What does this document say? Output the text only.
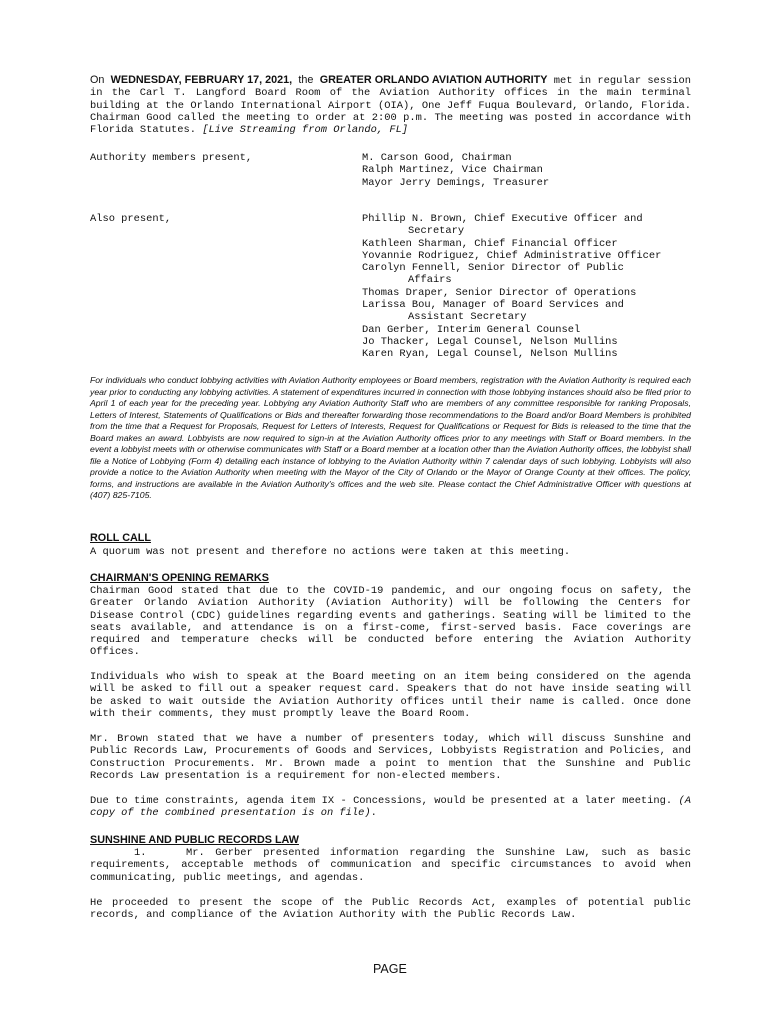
On WEDNESDAY, FEBRUARY 17, 2021, the GREATER ORLANDO AVIATION AUTHORITY met in regular session in the Carl T. Langford Board Room of the Aviation Authority offices in the main terminal building at the Orlando International Airport (OIA), One Jeff Fuqua Boulevard, Orlando, Florida. Chairman Good called the meeting to order at 2:00 p.m. The meeting was posted in accordance with Florida Statutes. [Live Streaming from Orlando, FL]
Authority members present,	M. Carson Good, Chairman
Ralph Martinez, Vice Chairman
Mayor Jerry Demings, Treasurer
Also present,	Phillip N. Brown, Chief Executive Officer and
Secretary
Kathleen Sharman, Chief Financial Officer
Yovannie Rodriguez, Chief Administrative Officer
Carolyn Fennell, Senior Director of Public
Affairs
Thomas Draper, Senior Director of Operations
Larissa Bou, Manager of Board Services and
Assistant Secretary
Dan Gerber, Interim General Counsel
Jo Thacker, Legal Counsel, Nelson Mullins
Karen Ryan, Legal Counsel, Nelson Mullins
For individuals who conduct lobbying activities with Aviation Authority employees or Board members, registration with the Aviation Authority is required each year prior to conducting any lobbying activities. A statement of expenditures incurred in connection with those lobbying instances should also be filed prior to April 1 of each year for the preceding year. Lobbying any Aviation Authority Staff who are members of any committee responsible for ranking Proposals, Letters of Interest, Statements of Qualifications or Bids and thereafter forwarding those recommendations to the Board and/or Board Members is prohibited from the time that a Request for Proposals, Request for Letters of Interests, Request for Qualifications or Request for Bids is released to the time that the Board makes an award. Lobbyists are now required to sign-in at the Aviation Authority offices prior to any meetings with Staff or Board members. In the event a lobbyist meets with or otherwise communicates with Staff or a Board member at a location other than the Aviation Authority offices, the lobbyist shall file a Notice of Lobbying (Form 4) detailing each instance of lobbying to the Aviation Authority within 7 calendar days of such lobbying. Lobbyists will also provide a notice to the Aviation Authority when meeting with the Mayor of the City of Orlando or the Mayor of Orange County at their offices. The policy, forms, and instructions are available in the Aviation Authority's offices and the web site. Please contact the Chief Administrative Officer with questions at (407) 825-7105.
ROLL CALL
A quorum was not present and therefore no actions were taken at this meeting.
CHAIRMAN'S OPENING REMARKS
Chairman Good stated that due to the COVID-19 pandemic, and our ongoing focus on safety, the Greater Orlando Aviation Authority (Aviation Authority) will be following the Centers for Disease Control (CDC) guidelines regarding events and gatherings. Seating will be limited to the seats available, and attendance is on a first-come, first-served basis. Face coverings are required and temperature checks will be conducted before entering the Aviation Authority Offices.
Individuals who wish to speak at the Board meeting on an item being considered on the agenda will be asked to fill out a speaker request card. Speakers that do not have inside seating will be asked to wait outside the Aviation Authority offices until their name is called. Once done with their comments, they must promptly leave the Board Room.
Mr. Brown stated that we have a number of presenters today, which will discuss Sunshine and Public Records Law, Procurements of Goods and Services, Lobbyists Registration and Policies, and Construction Procurements. Mr. Brown made a point to mention that the Sunshine and Public Records Law presentation is a requirement for non-elected members.
Due to time constraints, agenda item IX - Concessions, would be presented at a later meeting. (A copy of the combined presentation is on file).
SUNSHINE AND PUBLIC RECORDS LAW
1.	Mr. Gerber presented information regarding the Sunshine Law, such as basic requirements, acceptable methods of communication and specific circumstances to avoid when communicating, public meetings, and agendas.
He proceeded to present the scope of the Public Records Act, examples of potential public records, and compliance of the Aviation Authority with the Public Records Law.
PAGE
